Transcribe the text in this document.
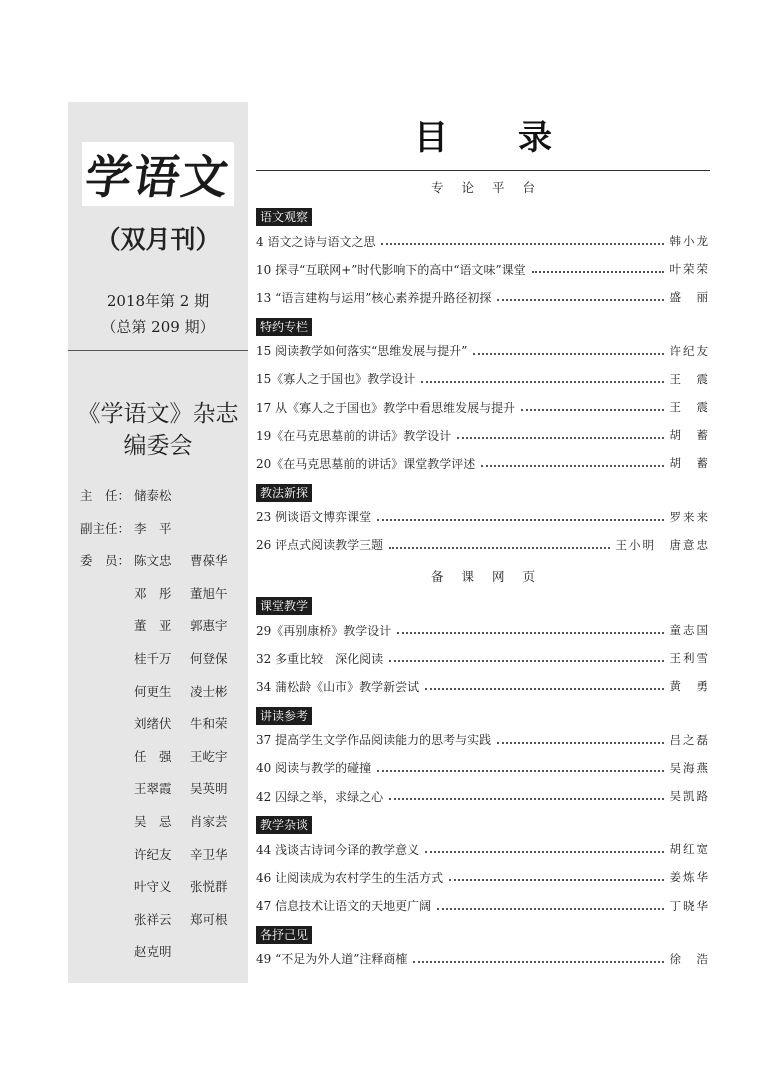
学语文
（双月刊）
2018年第 2 期
（总第 209 期）
《学语文》杂志
编委会
主　任： 储泰松
副主任： 李　平
委　员： 陈文忠	曹葆华
邓　彤	董旭午
董　亚	郭惠宇
桂千万	何登保
何更生	凌士彬
刘绪伏	牛和荣
任　强	王屹宇
王翠霞	吴英明
吴　忌	肖家芸
许纪友	辛卫华
叶守义	张悦群
张祥云	郑可根
赵克明
目录
专论平台
语文观察
4 语文之诗与语文之思	韩小龙
10 探寻“互联网+”时代影响下的高中“语文味”课堂	叶荣荣
13 “语言建构与运用”核心素养提升路径初探	盛　丽
特约专栏
15 阅读教学如何落实“思维发展与提升”	许纪友
15《寡人之于国也》教学设计	王　震
17 从《寡人之于国也》教学中看思维发展与提升	王　震
19《在马克思墓前的讲话》教学设计	胡　蓄
20《在马克思墓前的讲话》课堂教学评述	胡　蓄
教法新探
23 例谈语文博弈课堂	罗来来
26 评点式阅读教学三题	王小明　唐意忠
备课网页
课堂教学
29《再别康桥》教学设计	童志国
32 多重比较　深化阅读	王利雪
34 蒲松龄《山市》教学新尝试	黄　勇
讲读参考
37 提高学生文学作品阅读能力的思考与实践	吕之磊
40 阅读与教学的碰撞	吴海燕
42 囚绿之举，求绿之心	吴凯路
教学杂谈
44 浅谈古诗词今译的教学意义	胡红宽
46 让阅读成为农村学生的生活方式	姜炼华
47 信息技术让语文的天地更广阔	丁晓华
各抒己见
49 “不足为外人道”注释商榷	徐　浩
